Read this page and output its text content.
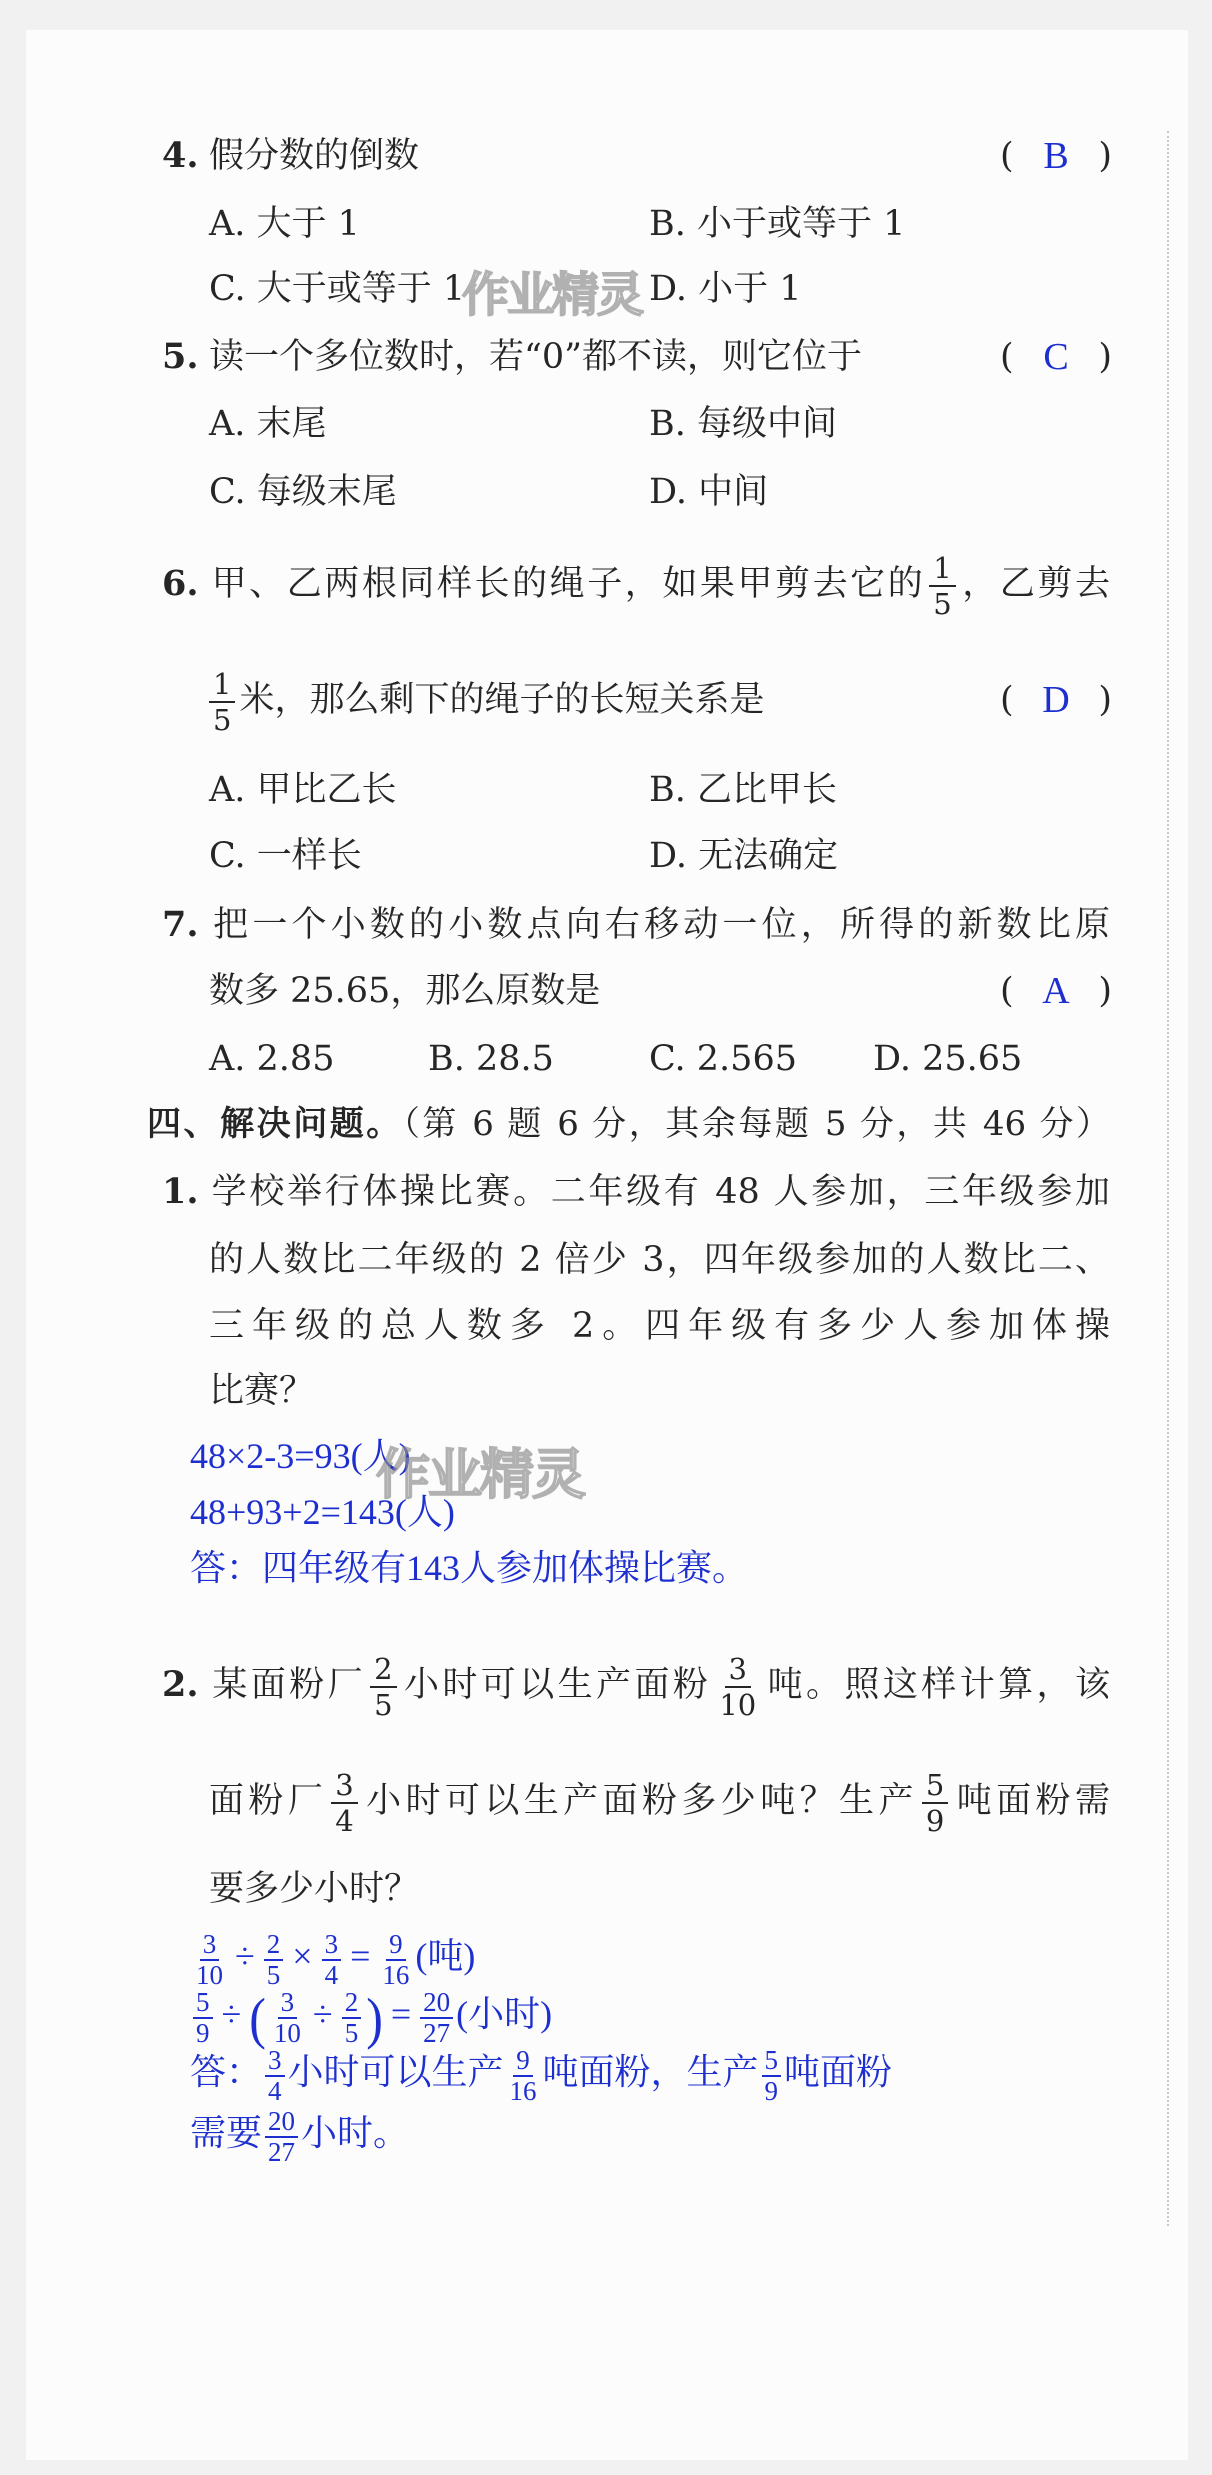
4. 假分数的倒数	( B )
A. 大于 1	B. 小于或等于 1
C. 大于或等于 1	D. 小于 1
5. 读一个多位数时，若“0”都不读，则它位于	( C )
A. 末尾	B. 每级中间
C. 每级末尾	D. 中间
6. 甲、乙两根同样长的绳子，如果甲剪去它的 $\frac{1}{5}$ ，乙剪去
$\frac{1}{5}$ 米，那么剩下的绳子的长短关系是	( D )
A. 甲比乙长	B. 乙比甲长
C. 一样长	D. 无法确定
7. 把一个小数的小数点向右移动一位，所得的新数比原
数多 25.65，那么原数是	( A )
A. 2.85	B. 28.5	C. 2.565 D. 25.65
四、解决问题。（第 6 题 6 分，其余每题 5 分，共 46 分）
1. 学校举行体操比赛。二年级有 48 人参加，三年级参加
的人数比二年级的 2 倍少 3，四年级参加的人数比二、
三年级的总人数多 2。四年级有多少人参加体操
比赛？
48×2-3=93(人)
48+93+2=143(人)
答：四年级有143人参加体操比赛。
2. 某面粉厂 $\frac{2}{5}$ 小时可以生产面粉 $\frac{3}{10}$ 吨。照这样计算，该
面粉厂 $\frac{3}{4}$ 小时可以生产面粉多少吨？生产 $\frac{5}{9}$ 吨面粉需
要多少小时？
$\frac{3}{10} \div \frac{2}{5} \times \frac{3}{4} = \frac{9}{16}$ (吨)
$\frac{5}{9}$ ÷ ( $\frac{3}{10} \div \frac{2}{5}$ ) = $\frac{20}{27}$ (小时)
答： $\frac{3}{4}$ 小时可以生产 $\frac{9}{16}$ 吨面粉，生产 $\frac{5}{9}$ 吨面粉
需要 $\frac{20}{27}$ 小时。
作业精灵
作业精灵
